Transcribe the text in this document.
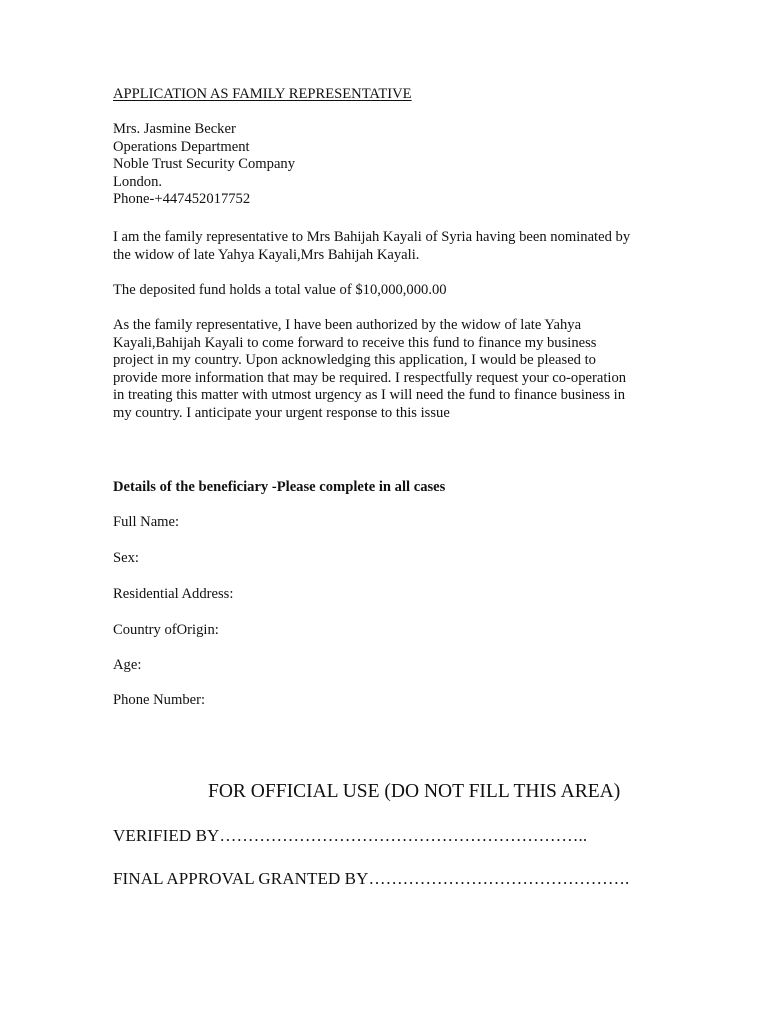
APPLICATION AS FAMILY REPRESENTATIVE

Mrs. Jasmine Becker
Operations Department
Noble Trust Security Company
London.
Phone-+447452017752
I am the family representative to Mrs Bahijah Kayali of Syria having been nominated by
the widow of late Yahya Kayali,Mrs Bahijah Kayali.

The deposited fund holds a total value of $10,000,000.00

As the family representative, I have been authorized by the widow of late Yahya
Kayali,Bahijah Kayali to come forward to receive this fund to finance my business
project in my country. Upon acknowledging this application, I would be pleased to
provide more information that may be required. I respectfully request your co-operation
in treating this matter with utmost urgency as I will need the fund to finance business in
my country. I anticipate your urgent response to this issue

Details of the beneficiary -Please complete in all cases

Full Name:

Sex:

Residential Address:

Country ofOrigin:

Age:

Phone Number:

FOR OFFICIAL USE (DO NOT FILL THIS AREA)

VERIFIED BY………………………………………………………..

FINAL APPROVAL GRANTED BY……………………………………….
